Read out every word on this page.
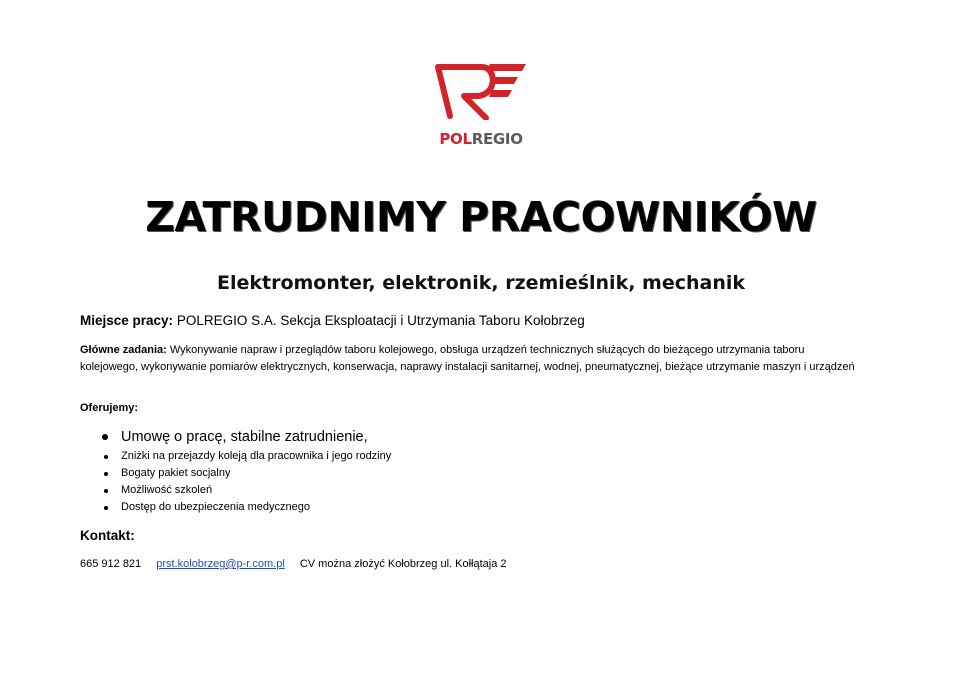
POLREGIO
ZATRUDNIMY PRACOWNIKÓW
Elektromonter, elektronik, rzemieślnik, mechanik
Miejsce pracy: POLREGIO S.A. Sekcja Eksploatacji i Utrzymania Taboru Kołobrzeg
Główne zadania: Wykonywanie napraw i przeglądów taboru kolejowego, obsługa urządzeń technicznych służących do bieżącego utrzymania taboru kolejowego, wykonywanie pomiarów elektrycznych, konserwacja, naprawy instalacji sanitarnej, wodnej, pneumatycznej, bieżące utrzymanie maszyn i urządzeń
Oferujemy:
Umowę o pracę, stabilne zatrudnienie,
Zniżki na przejazdy koleją dla pracownika i jego rodziny
Bogaty pakiet socjalny
Możliwość szkoleń
Dostęp do ubezpieczenia medycznego
Kontakt:
665 912 821 prst.kolobrzeg@p-r.com.pl CV można złożyć Kołobrzeg ul. Kołłątaja 2
